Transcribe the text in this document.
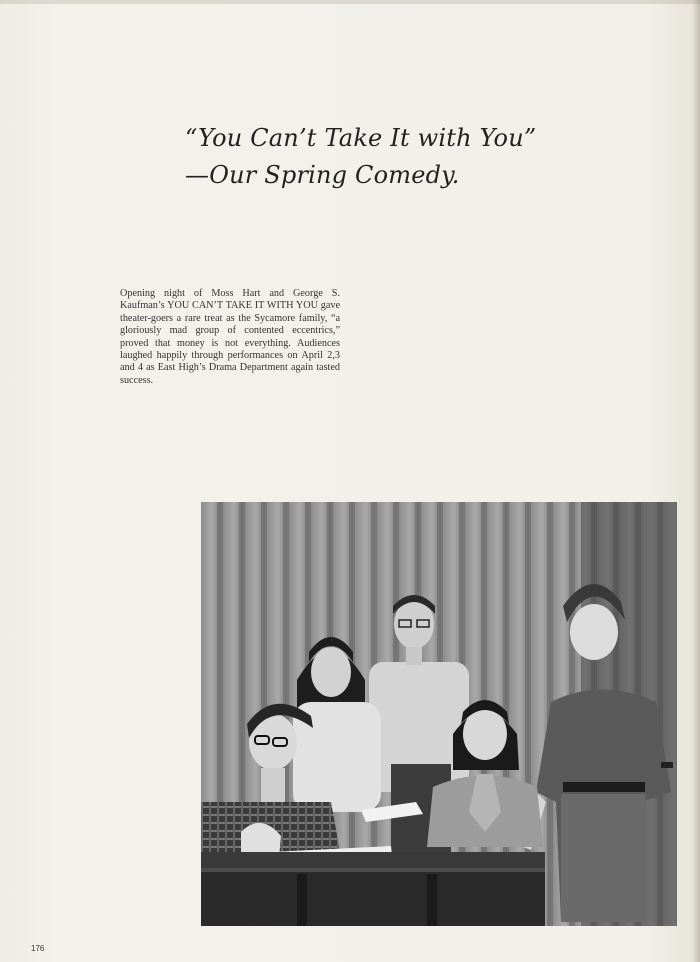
“You Can’t Take It with You”
—Our Spring Comedy.

Opening night of Moss Hart and George S. Kaufman’s YOU CAN’T TAKE IT WITH YOU gave theater-goers a rare treat as the Sycamore family, “a gloriously mad group of contented eccentrics,” proved that money is not everything. Audiences laughed happily through performances on April 2,3 and 4 as East High’s Drama Department again tasted success.

176
